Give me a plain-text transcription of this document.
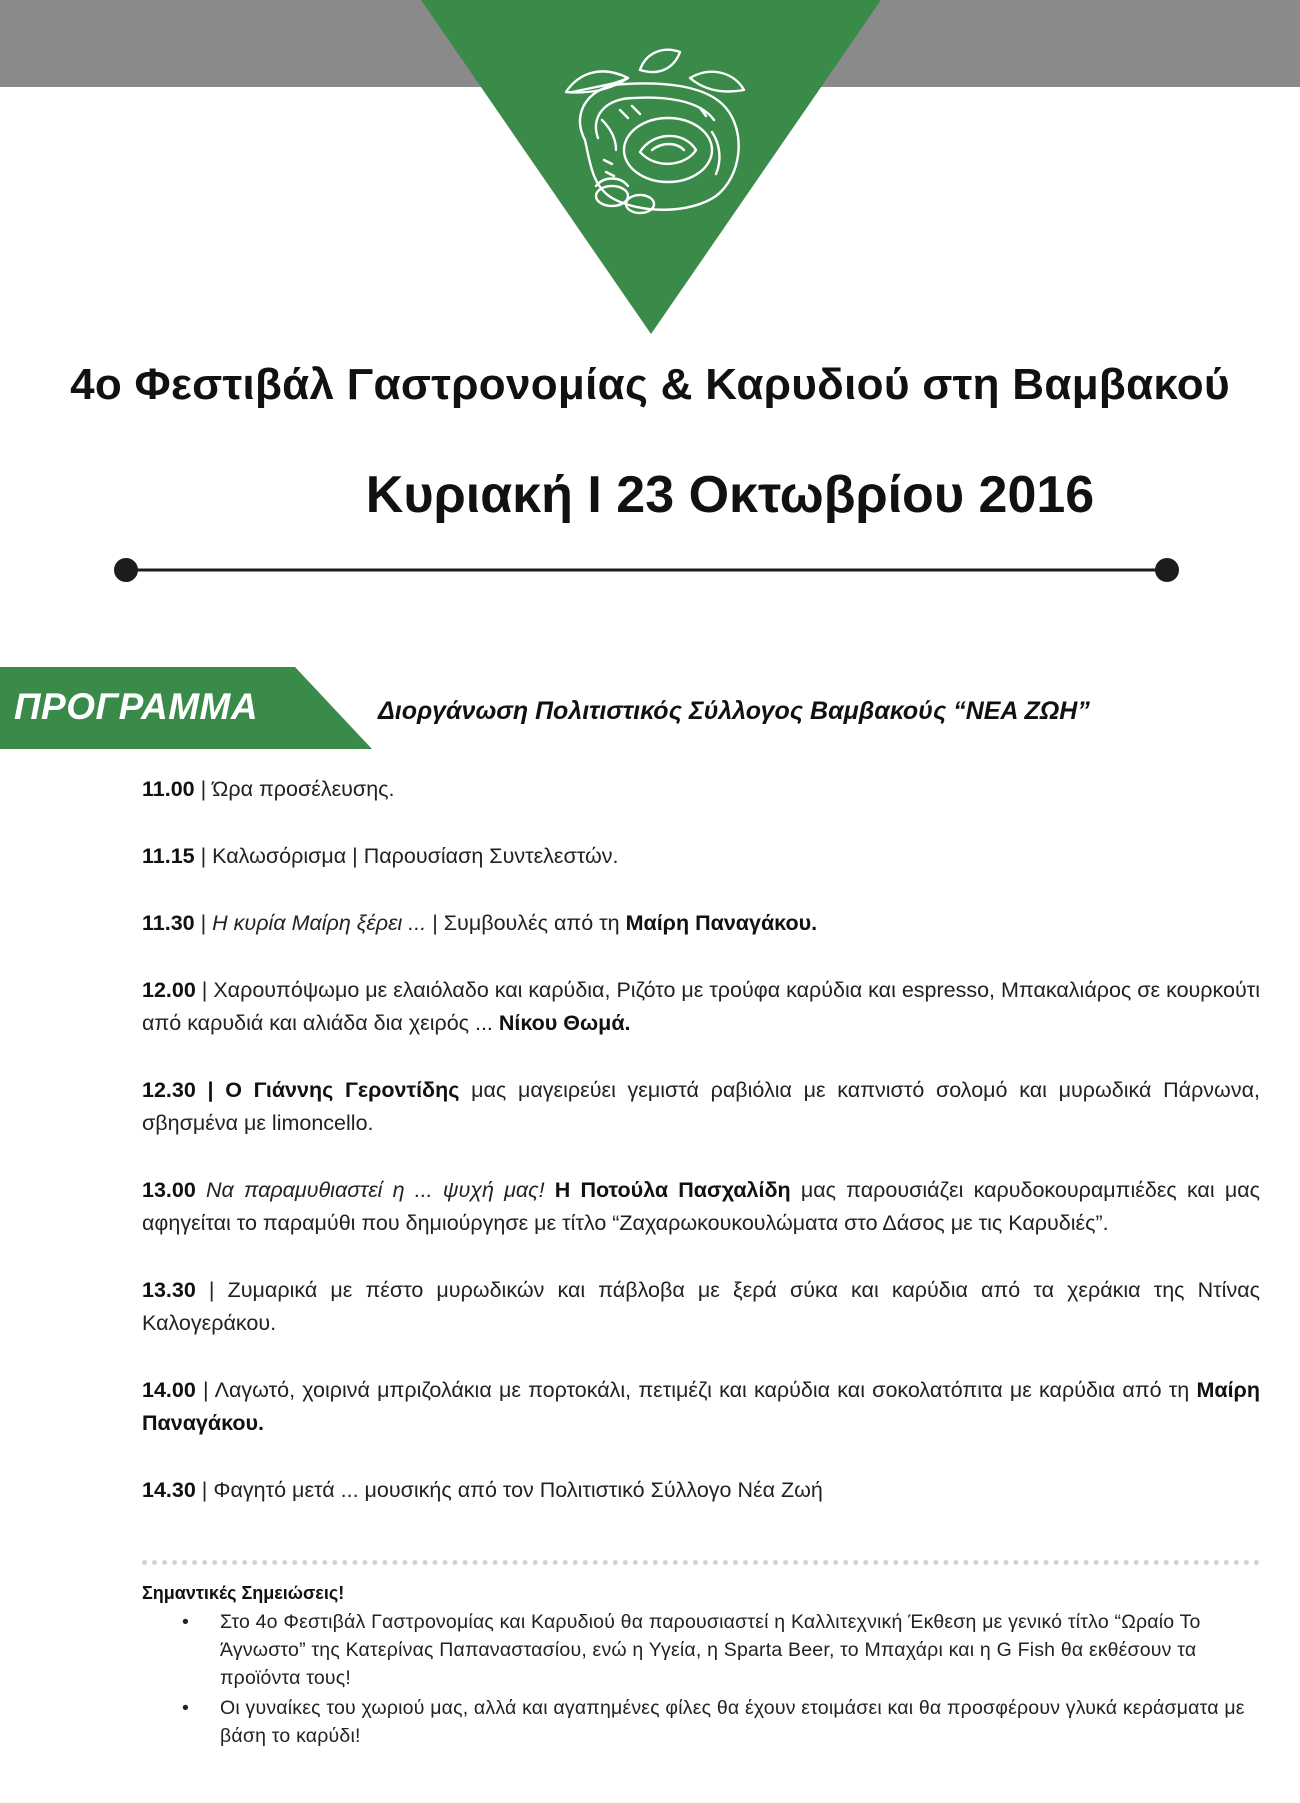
4ο Φεστιβάλ Γαστρονομίας & Καρυδιού στη Βαμβακού
Κυριακή Ι 23 Οκτωβρίου 2016
ΠΡΟΓΡΑΜΜΑ	Διοργάνωση Πολιτιστικός Σύλλογος Βαμβακούς “ΝΕΑ ΖΩΗ”

11.00 | Ώρα προσέλευσης.

11.15 | Καλωσόρισμα | Παρουσίαση Συντελεστών.

11.30 | Η κυρία Μαίρη ξέρει ... | Συμβουλές από τη Μαίρη Παναγάκου.

12.00 | Χαρουπόψωμο με ελαιόλαδο και καρύδια, Ριζότο με τρούφα καρύδια και espresso, Μπακαλιάρος σε κουρκούτι από καρυδιά και αλιάδα δια χειρός ... Νίκου Θωμά.

12.30 | Ο Γιάννης Γεροντίδης μας μαγειρεύει γεμιστά ραβιόλια με καπνιστό σολομό και μυρωδικά Πάρνωνα, σβησμένα με limoncello.

13.00 Να παραμυθιαστεί η ... ψυχή μας! Η Ποτούλα Πασχαλίδη μας παρουσιάζει καρυδοκουραμπιέδες και μας αφηγείται το παραμύθι που δημιούργησε με τίτλο “Ζαχαρωκουκουλώματα στο Δάσος με τις Καρυδιές”.

13.30 | Ζυμαρικά με πέστο μυρωδικών και πάβλοβα με ξερά σύκα και καρύδια από τα χεράκια της Ντίνας Καλογεράκου.

14.00 | Λαγωτό, χοιρινά μπριζολάκια με πορτοκάλι, πετιμέζι και καρύδια και σοκολατόπιτα με καρύδια από τη Μαίρη Παναγάκου.

14.30 | Φαγητό μετά ... μουσικής από τον Πολιτιστικό Σύλλογο Νέα Ζωή

Σημαντικές Σημειώσεις!
• Στο 4ο Φεστιβάλ Γαστρονομίας και Καρυδιού θα παρουσιαστεί η Καλλιτεχνική Έκθεση με γενικό τίτλο “Ωραίο Το Άγνωστο” της Κατερίνας Παπαναστασίου, ενώ η Υγεία, η Sparta Beer, το Μπαχάρι και η G Fish θα εκθέσουν τα προϊόντα τους!
• Οι γυναίκες του χωριού μας, αλλά και αγαπημένες φίλες θα έχουν ετοιμάσει και θα προσφέρουν γλυκά κεράσματα με βάση το καρύδι!
